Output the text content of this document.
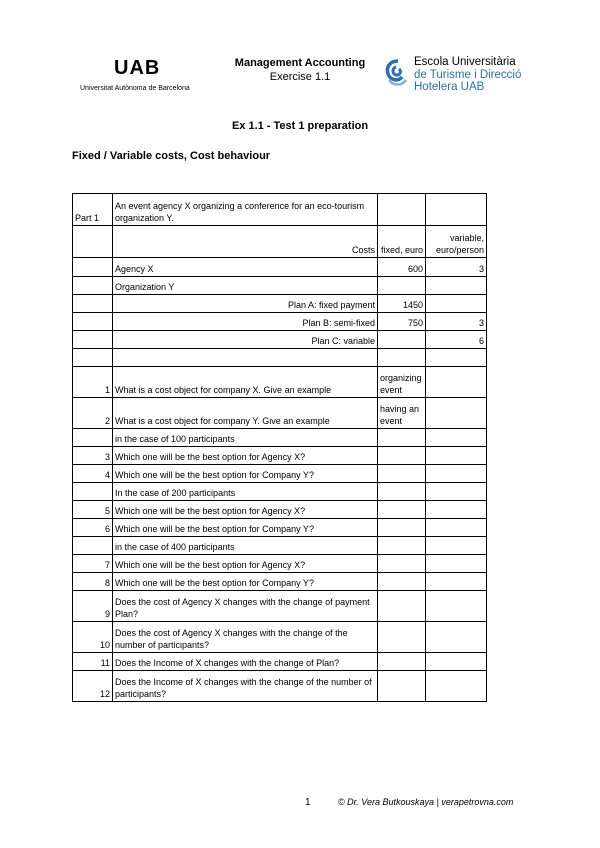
UAB
Universitat Autònoma de Barcelona
Management Accounting
Exercise 1.1
Escola Universitària
de Turisme i Direcció
Hotelera UAB
Ex 1.1 - Test 1 preparation
Fixed / Variable costs, Cost behaviour
Part 1	An event agency X organizing a conference for an eco-tourism organization Y.		
	Costs	fixed, euro	variable, euro/person
	Agency X	600	3
	Organization Y		
	Plan A: fixed payment	1450	
	Plan B: semi-fixed	750	3
	Plan C: variable		6

1	What is a cost object for company X. Give an example	organizing event	
2	What is a cost object for company Y. Give an example	having an event	
	in the case of 100 participants		
3	Which one will be the best option for Agency X?		
4	Which one will be the best option for Company Y?		
	In the case of 200 participants		
5	Which one will be the best option for Agency X?		
6	Which one will be the best option for Company Y?		
	in the case of 400 participants		
7	Which one will be the best option for Agency X?		
8	Which one will be the best option for Company Y?		
9	Does the cost of Agency X changes with the change of payment Plan?		
10	Does the cost of Agency X changes with the change of the number of participants?		
11	Does the Income of X changes with the change of Plan?		
12	Does the Income of X changes with the change of the number of participants?		
1	© Dr. Vera Butkouskaya | verapetrovna.com
